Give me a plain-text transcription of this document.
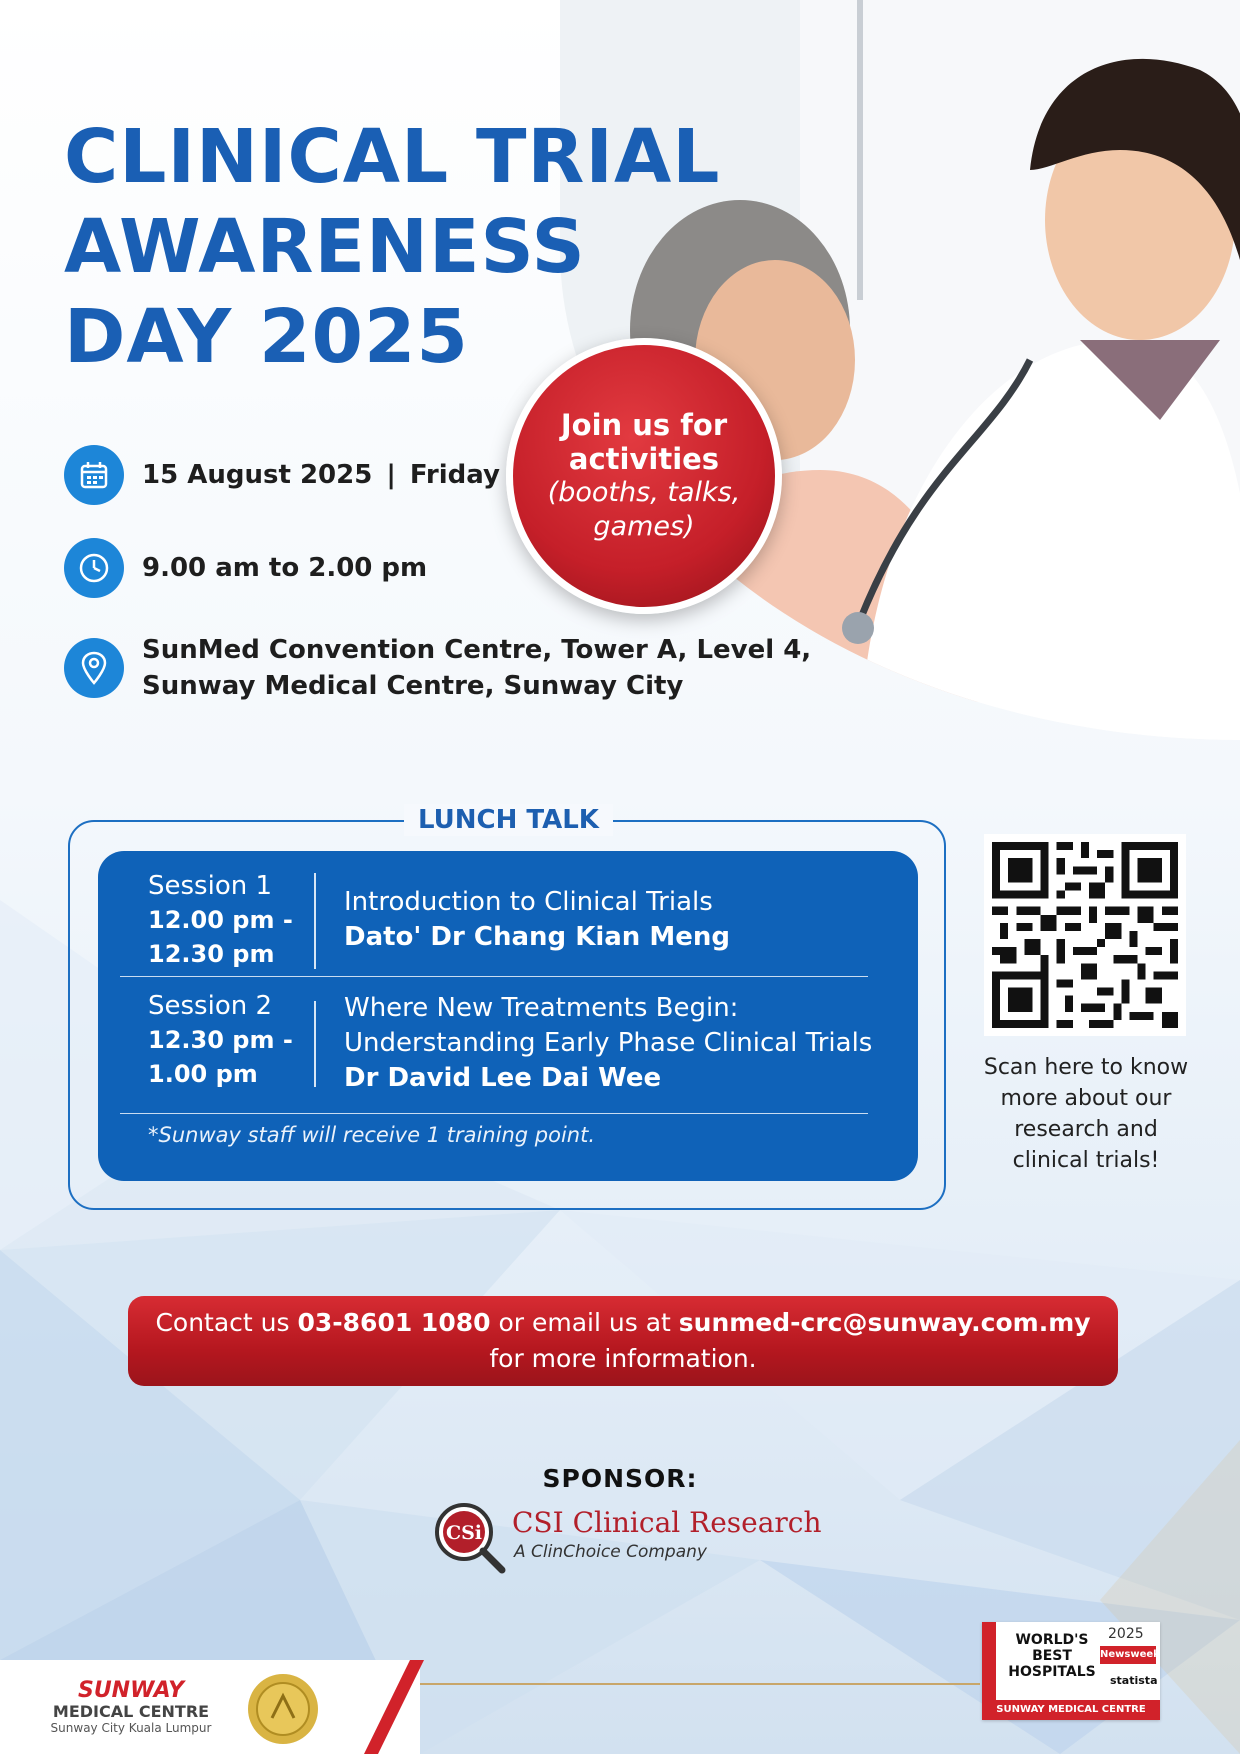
CLINICAL TRIAL
AWARENESS
DAY 2025
15 August 2025 | Friday
9.00 am to 2.00 pm
SunMed Convention Centre, Tower A, Level 4,
Sunway Medical Centre, Sunway City
Join us for
activities
(booths, talks,
games)
LUNCH TALK
Session 1
12.00 pm -
12.30 pm
Introduction to Clinical Trials
Dato' Dr Chang Kian Meng
Session 2
12.30 pm -
1.00 pm
Where New Treatments Begin:
Understanding Early Phase Clinical Trials
Dr David Lee Dai Wee
*Sunway staff will receive 1 training point.
Scan here to know
more about our
research and
clinical trials!
Contact us 03-8601 1080 or email us at sunmed-crc@sunway.com.my
for more information.
SPONSOR:
CSi CSI Clinical Research
A ClinChoice Company
SUNWAY
MEDICAL CENTRE
Sunway City Kuala Lumpur
WORLD'S
BEST
HOSPITALS
2025
Newsweek
statista
SUNWAY MEDICAL CENTRE
